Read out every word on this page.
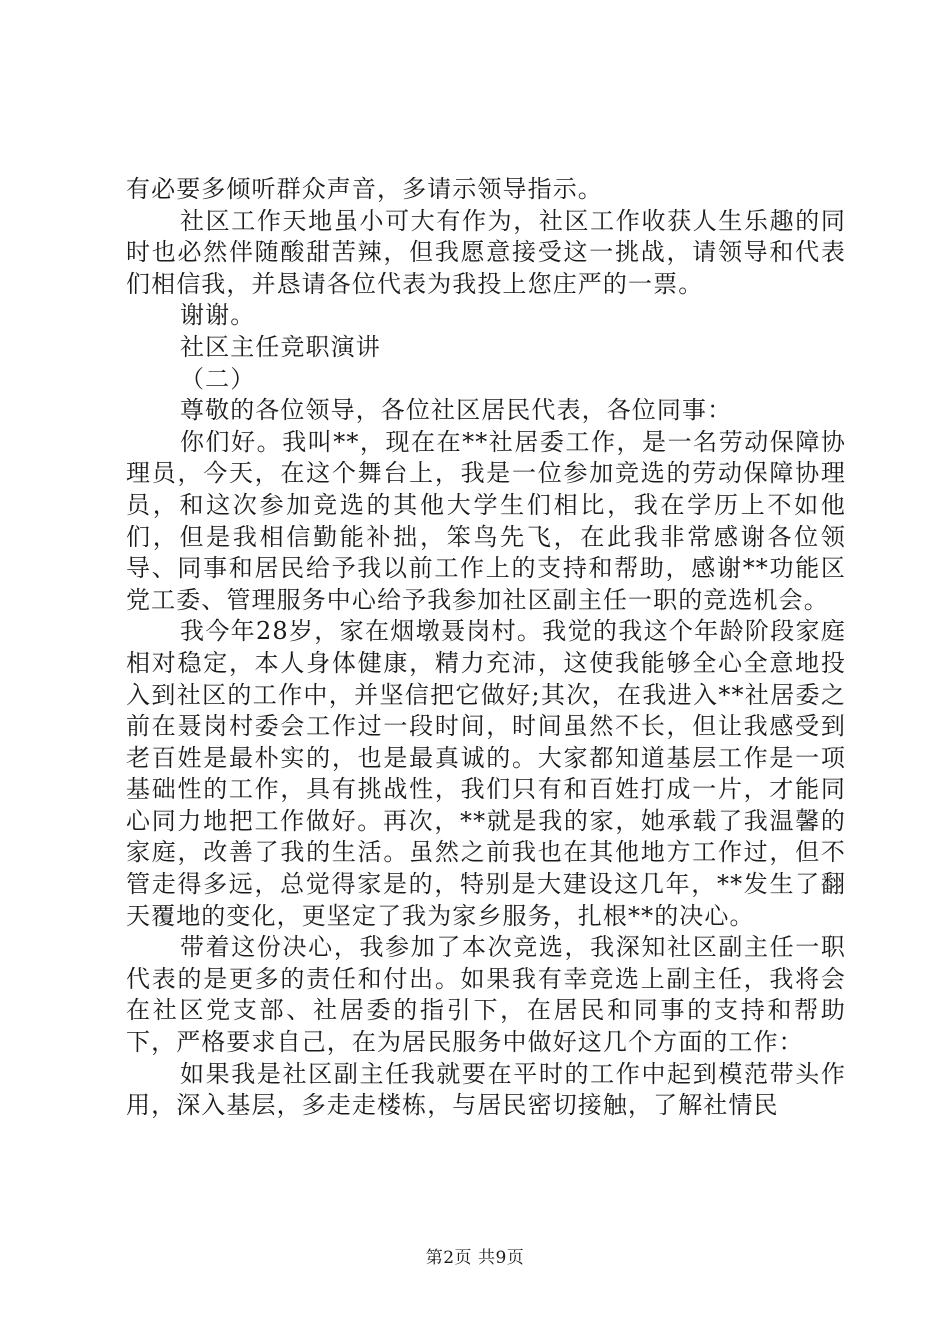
有必要多倾听群众声音，多请示领导指示。

社区工作天地虽小可大有作为，社区工作收获人生乐趣的同时也必然伴随酸甜苦辣，但我愿意接受这一挑战，请领导和代表们相信我，并恳请各位代表为我投上您庄严的一票。

谢谢。

社区主任竞职演讲

（二）

尊敬的各位领导，各位社区居民代表，各位同事：

你们好。我叫**，现在在**社居委工作，是一名劳动保障协理员，今天，在这个舞台上，我是一位参加竞选的劳动保障协理员，和这次参加竞选的其他大学生们相比，我在学历上不如他们，但是我相信勤能补拙，笨鸟先飞，在此我非常感谢各位领导、同事和居民给予我以前工作上的支持和帮助，感谢**功能区党工委、管理服务中心给予我参加社区副主任一职的竞选机会。

我今年28岁，家在烟墩聂岗村。我觉的我这个年龄阶段家庭相对稳定，本人身体健康，精力充沛，这使我能够全心全意地投入到社区的工作中，并坚信把它做好;其次，在我进入**社居委之前在聂岗村委会工作过一段时间，时间虽然不长，但让我感受到老百姓是最朴实的，也是最真诚的。大家都知道基层工作是一项基础性的工作，具有挑战性，我们只有和百姓打成一片，才能同心同力地把工作做好。再次，**就是我的家，她承载了我温馨的家庭，改善了我的生活。虽然之前我也在其他地方工作过，但不管走得多远，总觉得家是的，特别是大建设这几年，**发生了翻天覆地的变化，更坚定了我为家乡服务，扎根**的决心。

带着这份决心，我参加了本次竞选，我深知社区副主任一职代表的是更多的责任和付出。如果我有幸竞选上副主任，我将会在社区党支部、社居委的指引下，在居民和同事的支持和帮助下，严格要求自己，在为居民服务中做好这几个方面的工作：

如果我是社区副主任我就要在平时的工作中起到模范带头作用，深入基层，多走走楼栋，与居民密切接触，了解社情民

第2页 共9页
